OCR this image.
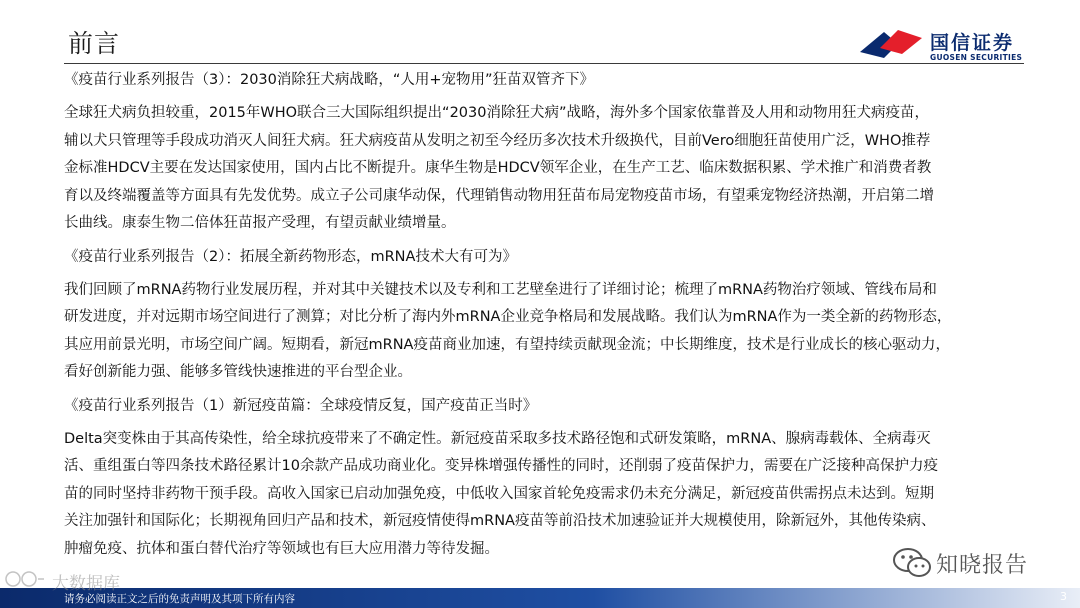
前言	国信证券
GUOSEN SECURITIES
《疫苗行业系列报告（3）：2030消除狂犬病战略，“人用+宠物用”狂苗双管齐下》
全球狂犬病负担较重，2015年WHO联合三大国际组织提出“2030消除狂犬病”战略，海外多个国家依靠普及人用和动物用狂犬病疫苗，
辅以犬只管理等手段成功消灭人间狂犬病。狂犬病疫苗从发明之初至今经历多次技术升级换代，目前Vero细胞狂苗使用广泛，WHO推荐
金标准HDCV主要在发达国家使用，国内占比不断提升。康华生物是HDCV领军企业，在生产工艺、临床数据积累、学术推广和消费者教
育以及终端覆盖等方面具有先发优势。成立子公司康华动保，代理销售动物用狂苗布局宠物疫苗市场，有望乘宠物经济热潮，开启第二增
长曲线。康泰生物二倍体狂苗报产受理，有望贡献业绩增量。
《疫苗行业系列报告（2）：拓展全新药物形态，mRNA技术大有可为》
我们回顾了mRNA药物行业发展历程，并对其中关键技术以及专利和工艺壁垒进行了详细讨论；梳理了mRNA药物治疗领域、管线布局和
研发进度，并对远期市场空间进行了测算；对比分析了海内外mRNA企业竞争格局和发展战略。我们认为mRNA作为一类全新的药物形态，
其应用前景光明，市场空间广阔。短期看，新冠mRNA疫苗商业加速，有望持续贡献现金流；中长期维度，技术是行业成长的核心驱动力，
看好创新能力强、能够多管线快速推进的平台型企业。
《疫苗行业系列报告（1）新冠疫苗篇：全球疫情反复，国产疫苗正当时》
Delta突变株由于其高传染性，给全球抗疫带来了不确定性。新冠疫苗采取多技术路径饱和式研发策略，mRNA、腺病毒载体、全病毒灭
活、重组蛋白等四条技术路径累计10余款产品成功商业化。变异株增强传播性的同时，还削弱了疫苗保护力，需要在广泛接种高保护力疫
苗的同时坚持非药物干预手段。高收入国家已启动加强免疫，中低收入国家首轮免疫需求仍未充分满足，新冠疫苗供需拐点未达到。短期
关注加强针和国际化；长期视角回归产品和技术，新冠疫情使得mRNA疫苗等前沿技术加速验证并大规模使用，除新冠外，其他传染病、
肿瘤免疫、抗体和蛋白替代治疗等领域也有巨大应用潜力等待发掘。
请务必阅读正文之后的免责声明及其项下所有内容	3
大数据库
知晓报告
